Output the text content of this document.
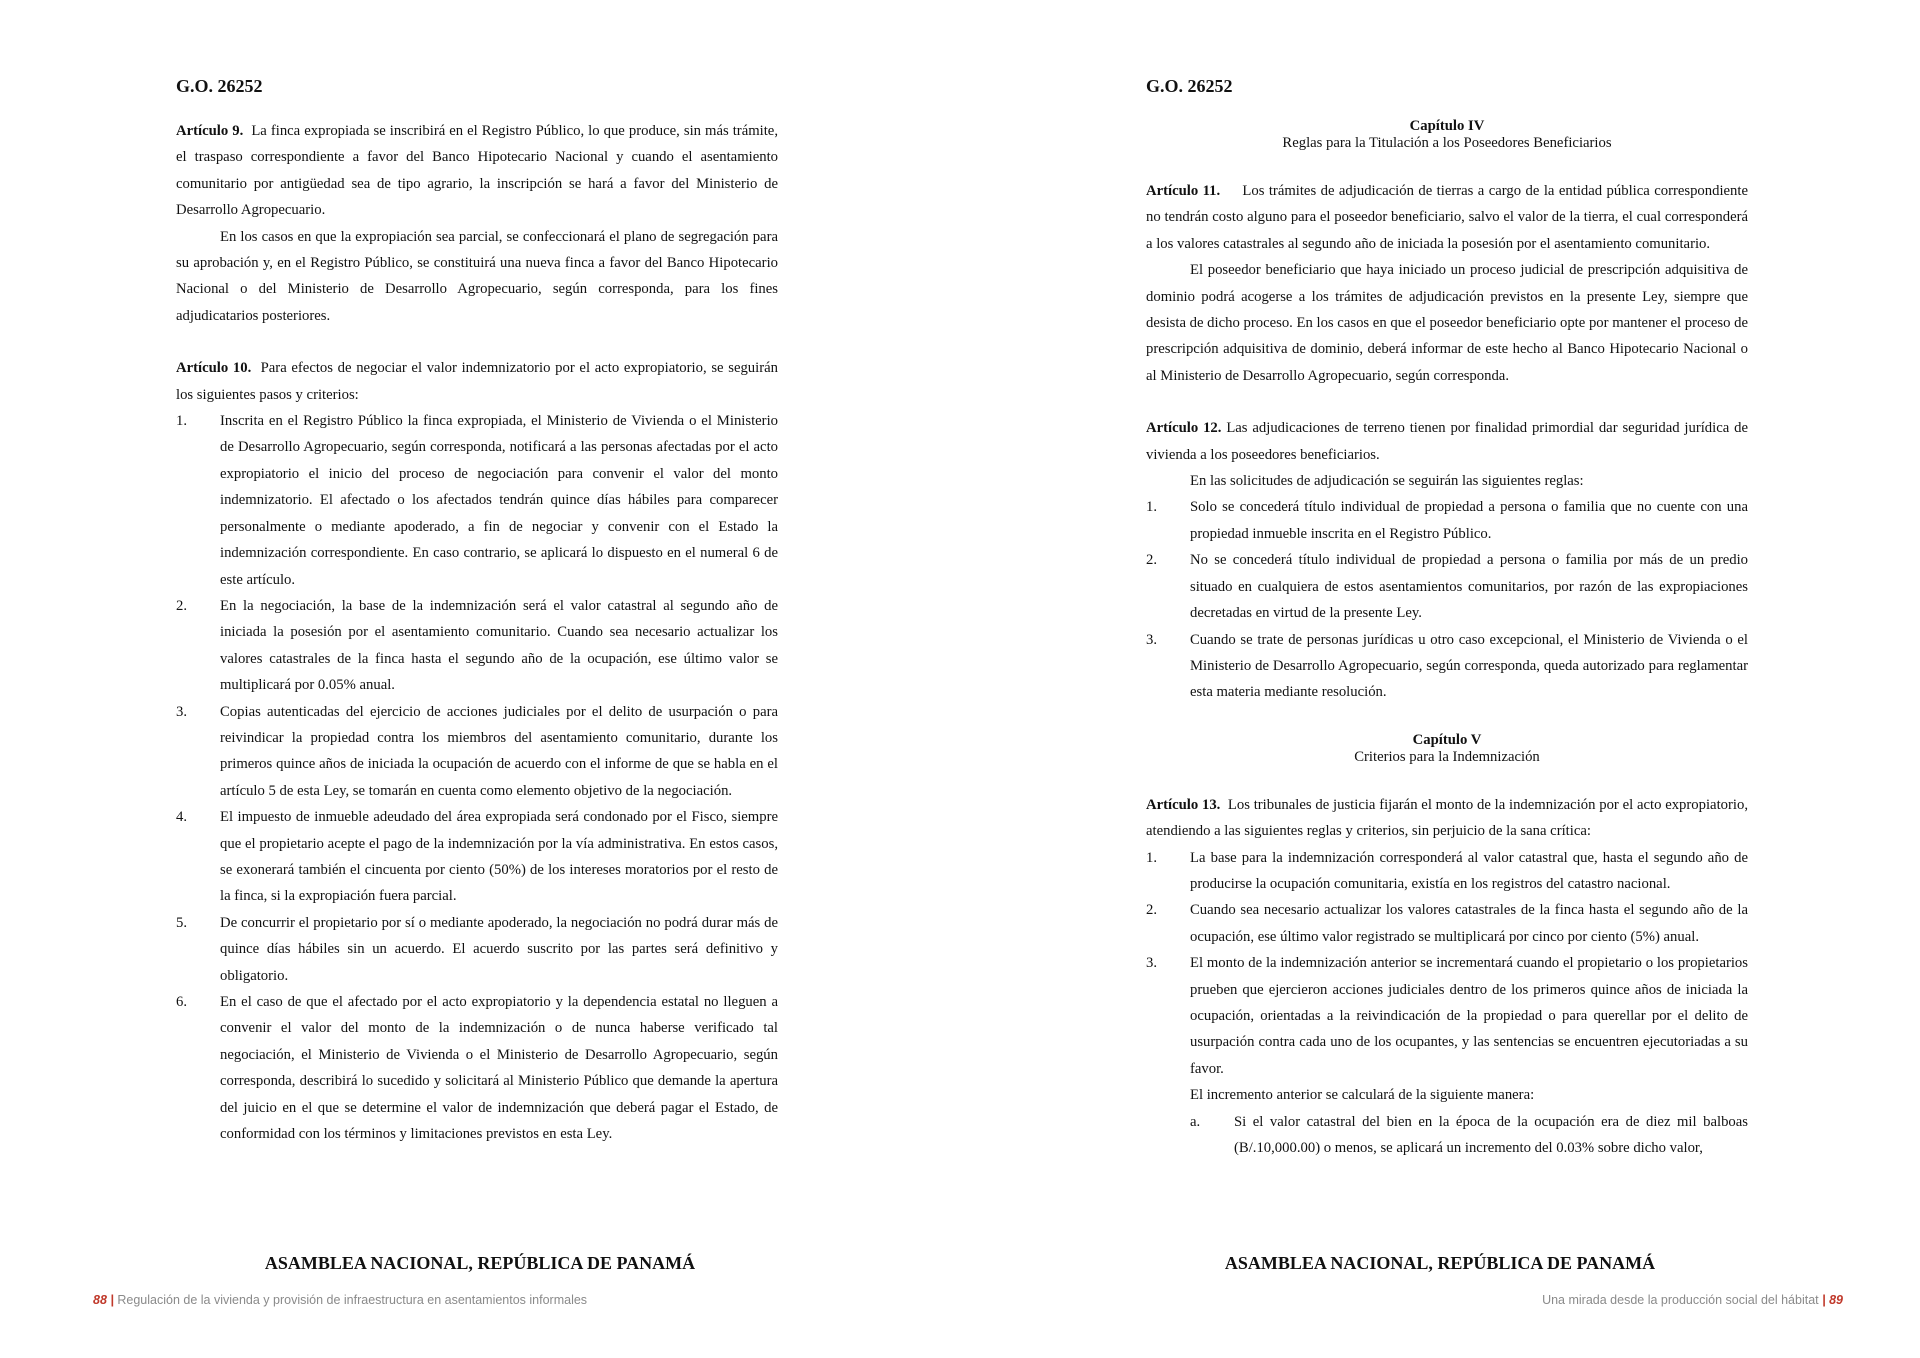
G.O. 26252

Artículo 9. La finca expropiada se inscribirá en el Registro Público, lo que produce, sin más trámite, el traspaso correspondiente a favor del Banco Hipotecario Nacional y cuando el asentamiento comunitario por antigüedad sea de tipo agrario, la inscripción se hará a favor del Ministerio de Desarrollo Agropecuario.

En los casos en que la expropiación sea parcial, se confeccionará el plano de segregación para su aprobación y, en el Registro Público, se constituirá una nueva finca a favor del Banco Hipotecario Nacional o del Ministerio de Desarrollo Agropecuario, según corresponda, para los fines adjudicatarios posteriores.

Artículo 10. Para efectos de negociar el valor indemnizatorio por el acto expropiatorio, se seguirán los siguientes pasos y criterios:

1.	Inscrita en el Registro Público la finca expropiada, el Ministerio de Vivienda o el Ministerio de Desarrollo Agropecuario, según corresponda, notificará a las personas afectadas por el acto expropiatorio el inicio del proceso de negociación para convenir el valor del monto indemnizatorio. El afectado o los afectados tendrán quince días hábiles para comparecer personalmente o mediante apoderado, a fin de negociar y convenir con el Estado la indemnización correspondiente. En caso contrario, se aplicará lo dispuesto en el numeral 6 de este artículo.
2.	En la negociación, la base de la indemnización será el valor catastral al segundo año de iniciada la posesión por el asentamiento comunitario. Cuando sea necesario actualizar los valores catastrales de la finca hasta el segundo año de la ocupación, ese último valor se multiplicará por 0.05% anual.
3.	Copias autenticadas del ejercicio de acciones judiciales por el delito de usurpación o para reivindicar la propiedad contra los miembros del asentamiento comunitario, durante los primeros quince años de iniciada la ocupación de acuerdo con el informe de que se habla en el artículo 5 de esta Ley, se tomarán en cuenta como elemento objetivo de la negociación.
4.	El impuesto de inmueble adeudado del área expropiada será condonado por el Fisco, siempre que el propietario acepte el pago de la indemnización por la vía administrativa. En estos casos, se exonerará también el cincuenta por ciento (50%) de los intereses moratorios por el resto de la finca, si la expropiación fuera parcial.
5.	De concurrir el propietario por sí o mediante apoderado, la negociación no podrá durar más de quince días hábiles sin un acuerdo. El acuerdo suscrito por las partes será definitivo y obligatorio.
6.	En el caso de que el afectado por el acto expropiatorio y la dependencia estatal no lleguen a convenir el valor del monto de la indemnización o de nunca haberse verificado tal negociación, el Ministerio de Vivienda o el Ministerio de Desarrollo Agropecuario, según corresponda, describirá lo sucedido y solicitará al Ministerio Público que demande la apertura del juicio en el que se determine el valor de indemnización que deberá pagar el Estado, de conformidad con los términos y limitaciones previstos en esta Ley.
ASAMBLEA NACIONAL, REPÚBLICA DE PANAMÁ
88 | Regulación de la vivienda y provisión de infraestructura en asentamientos informales
G.O. 26252
Capítulo IV
Reglas para la Titulación a los Poseedores Beneficiarios

Artículo 11. Los trámites de adjudicación de tierras a cargo de la entidad pública correspondiente no tendrán costo alguno para el poseedor beneficiario, salvo el valor de la tierra, el cual corresponderá a los valores catastrales al segundo año de iniciada la posesión por el asentamiento comunitario.

El poseedor beneficiario que haya iniciado un proceso judicial de prescripción adquisitiva de dominio podrá acogerse a los trámites de adjudicación previstos en la presente Ley, siempre que desista de dicho proceso. En los casos en que el poseedor beneficiario opte por mantener el proceso de prescripción adquisitiva de dominio, deberá informar de este hecho al Banco Hipotecario Nacional o al Ministerio de Desarrollo Agropecuario, según corresponda.

Artículo 12. Las adjudicaciones de terreno tienen por finalidad primordial dar seguridad jurídica de vivienda a los poseedores beneficiarios.

En las solicitudes de adjudicación se seguirán las siguientes reglas:

1.	Solo se concederá título individual de propiedad a persona o familia que no cuente con una propiedad inmueble inscrita en el Registro Público.
2.	No se concederá título individual de propiedad a persona o familia por más de un predio situado en cualquiera de estos asentamientos comunitarios, por razón de las expropiaciones decretadas en virtud de la presente Ley.
3.	Cuando se trate de personas jurídicas u otro caso excepcional, el Ministerio de Vivienda o el Ministerio de Desarrollo Agropecuario, según corresponda, queda autorizado para reglamentar esta materia mediante resolución.
Capítulo V
Criterios para la Indemnización

Artículo 13. Los tribunales de justicia fijarán el monto de la indemnización por el acto expropiatorio, atendiendo a las siguientes reglas y criterios, sin perjuicio de la sana crítica:

1.	La base para la indemnización corresponderá al valor catastral que, hasta el segundo año de producirse la ocupación comunitaria, existía en los registros del catastro nacional.
2.	Cuando sea necesario actualizar los valores catastrales de la finca hasta el segundo año de la ocupación, ese último valor registrado se multiplicará por cinco por ciento (5%) anual.
3.	El monto de la indemnización anterior se incrementará cuando el propietario o los propietarios prueben que ejercieron acciones judiciales dentro de los primeros quince años de iniciada la ocupación, orientadas a la reivindicación de la propiedad o para querellar por el delito de usurpación contra cada uno de los ocupantes, y las sentencias se encuentren ejecutoriadas a su favor.

El incremento anterior se calculará de la siguiente manera:

a.	Si el valor catastral del bien en la época de la ocupación era de diez mil balboas (B/.10,000.00) o menos, se aplicará un incremento del 0.03% sobre dicho valor,
ASAMBLEA NACIONAL, REPÚBLICA DE PANAMÁ
Una mirada desde la producción social del hábitat | 89
